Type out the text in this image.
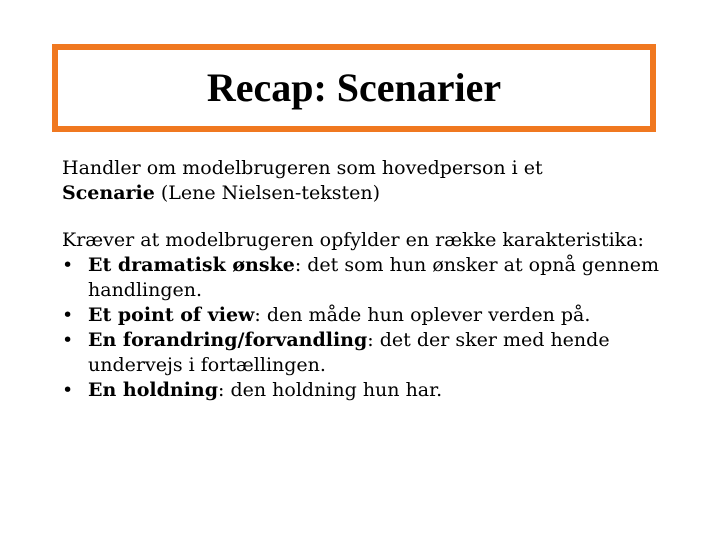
Recap: Scenarier

Handler om modelbrugeren som hovedperson i et
Scenarie (Lene Nielsen-teksten)

Kræver at modelbrugeren opfylder en række karakteristika:
• Et dramatisk ønske: det som hun ønsker at opnå gennem handlingen.
• Et point of view: den måde hun oplever verden på.
• En forandring/forvandling: det der sker med hende undervejs i fortællingen.
• En holdning: den holdning hun har.
